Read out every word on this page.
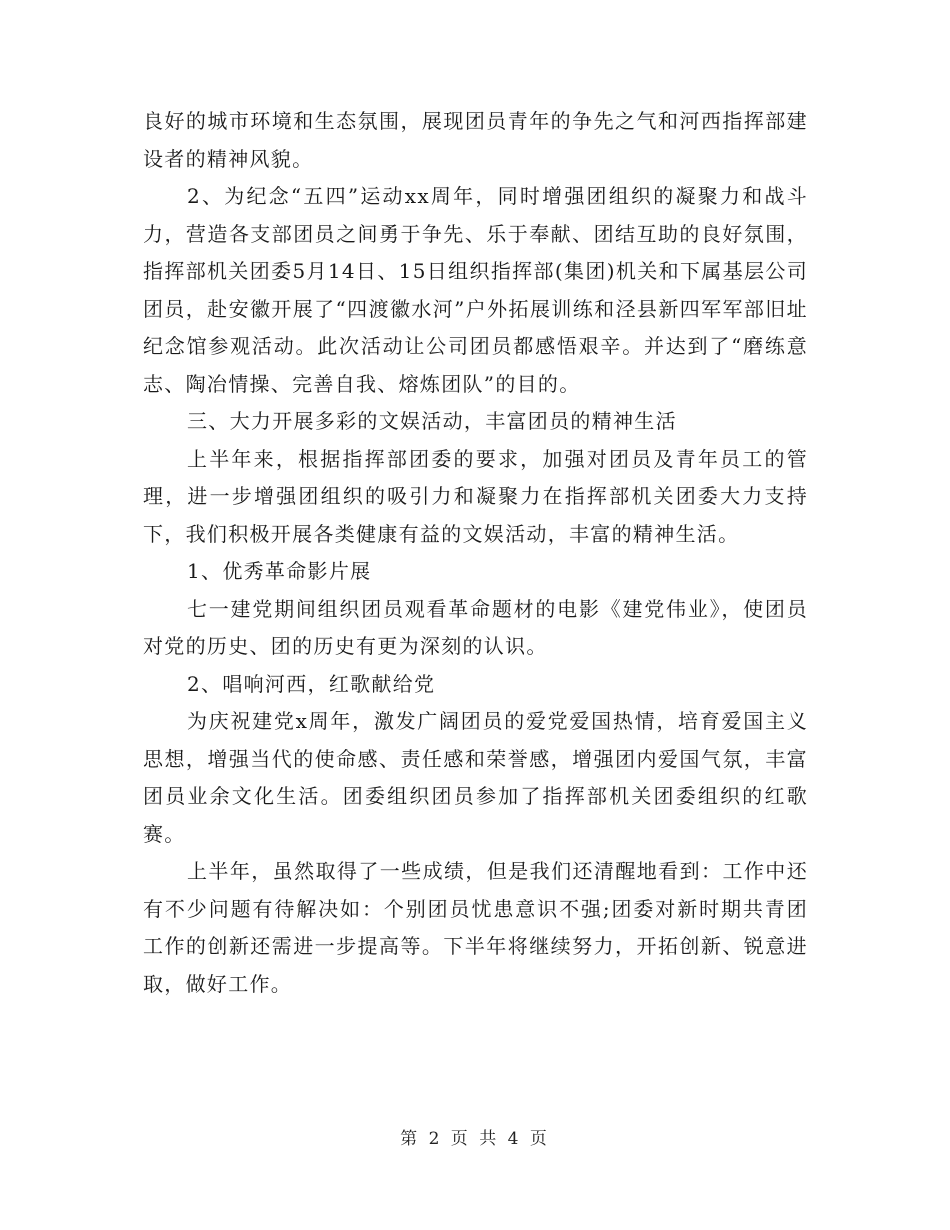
良好的城市环境和生态氛围，展现团员青年的争先之气和河西指挥部建设者的精神风貌。

2、为纪念“五四”运动xx周年，同时增强团组织的凝聚力和战斗力，营造各支部团员之间勇于争先、乐于奉献、团结互助的良好氛围，指挥部机关团委5月14日、15日组织指挥部(集团)机关和下属基层公司团员，赴安徽开展了“四渡徽水河”户外拓展训练和泾县新四军军部旧址纪念馆参观活动。此次活动让公司团员都感悟艰辛。并达到了“磨练意志、陶冶情操、完善自我、熔炼团队”的目的。

三、大力开展多彩的文娱活动，丰富团员的精神生活

上半年来，根据指挥部团委的要求，加强对团员及青年员工的管理，进一步增强团组织的吸引力和凝聚力在指挥部机关团委大力支持下，我们积极开展各类健康有益的文娱活动，丰富的精神生活。

1、优秀革命影片展

七一建党期间组织团员观看革命题材的电影《建党伟业》，使团员对党的历史、团的历史有更为深刻的认识。

2、唱响河西，红歌献给党

为庆祝建党x周年，激发广阔团员的爱党爱国热情，培育爱国主义思想，增强当代的使命感、责任感和荣誉感，增强团内爱国气氛，丰富团员业余文化生活。团委组织团员参加了指挥部机关团委组织的红歌赛。

上半年，虽然取得了一些成绩，但是我们还清醒地看到：工作中还有不少问题有待解决如：个别团员忧患意识不强;团委对新时期共青团工作的创新还需进一步提高等。下半年将继续努力，开拓创新、锐意进取，做好工作。

第 2 页 共 4 页
